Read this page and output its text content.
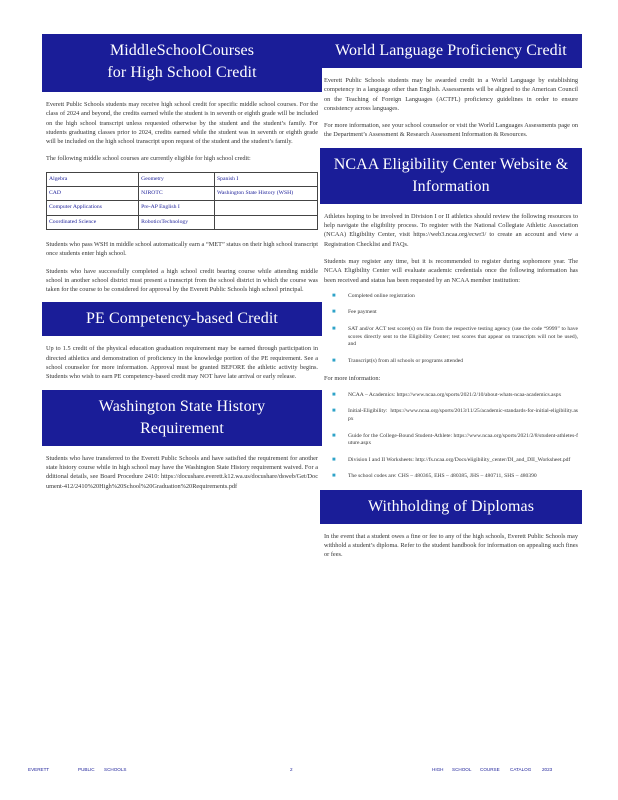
MiddleSchoolCourses
for High School Credit

Everett Public Schools students may receive high school credit for specific middle school courses. For the class of 2024 and beyond, the credits earned while the student is in seventh or eighth grade will be included on the high school transcript unless requested otherwise by the student and the student’s family. For students graduating classes prior to 2024, credits earned while the student was in seventh or eighth grade will be included on the high school transcript upon request of the student and the student’s family.

The following middle school courses are currently eligible for high school credit:

Algebra	Geometry	Spanish I
CAD	NJROTC	Washington State History (WSH)
Computer Applications	Pre-AP English I	
Coordinated Science	RoboticsTechnology	

Students who pass WSH in middle school automatically earn a “MET” status on their high school transcript once students enter high school.

Students who have successfully completed a high school credit bearing course while attending middle school in another school district must present a transcript from the school district in which the course was taken for the course to be considered for approval by the Everett Public Schools high school principal.

PE Competency-based Credit

Up to 1.5 credit of the physical education graduation requirement may be earned through participation in directed athletics and demonstration of proficiency in the knowledge portion of the PE requirement. See a school counselor for more information. Approval must be granted BEFORE the athletic activity begins. Students who wish to earn PE competency-based credit may NOT have late arrival or early release.

Washington State History
Requirement

Students who have transferred to the Everett Public Schools and have satisfied the requirement for another state history course while in high school may have the Washington State History requirement waived. For additional details, see Board Procedure 2410: https://docushare.everett.k12.wa.us/docushare/dsweb/Get/Document-412/2410%20High%20School%20Graduation%20Requirements.pdf

World Language Proficiency Credit

Everett Public Schools students may be awarded credit in a World Language by establishing competency in a language other than English. Assessments will be aligned to the American Council on the Teaching of Foreign Languages (ACTFL) proficiency guidelines in order to ensure consistency across languages.

For more information, see your school counselor or visit the World Languages Assessments page on the Department’s Assessment & Research Assessment Information & Resources.

NCAA Eligibility Center Website &
Information

Athletes hoping to be involved in Division I or II athletics should review the following resources to help navigate the eligibility process. To register with the National Collegiate Athletic Association (NCAA) Eligibility Center, visit https://web3.ncaa.org/ecwr3/ to create an account and view a Registration Checklist and FAQs.

Students may register any time, but it is recommended to register during sophomore year. The NCAA Eligibility Center will evaluate academic credentials once the following information has been received and status has been requested by an NCAA member institution:

■ Completed online registration
■ Fee payment
■ SAT and/or ACT test score(s) on file from the respective testing agency (use the code “9999” to have scores directly sent to the Eligibility Center; test scores that appear on transcripts will not be used), and
■ Transcript(s) from all schools or programs attended

For more information:

■ NCAA – Academics: https://www.ncaa.org/sports/2021/2/10/about-whats-ncaa-academics.aspx
■ Initial-Eligibility: https://www.ncaa.org/sports/2013/11/25/academic-standards-for-initial-eligibility.aspx
■ Guide for the College-Bound Student-Athlete: https://www.ncaa.org/sports/2021/2/8/student-athletes-future.aspx
■ Division I and II Worksheets: http://fs.ncaa.org/Docs/eligibility_center/DI_and_DII_Worksheet.pdf
■ The school codes are: CHS – 480365, EHS – 480385, JHS – 480711, SHS – 480390
Withholding of Diplomas

In the event that a student owes a fine or fee to any of the high schools, Everett Public Schools may withhold a student’s diploma. Refer to the student handbook for information on appealing such fines or fees.

EVERETT	PUBLIC SCHOOLS	2	HIGH SCHOOL COURSE CATALOG 2023
